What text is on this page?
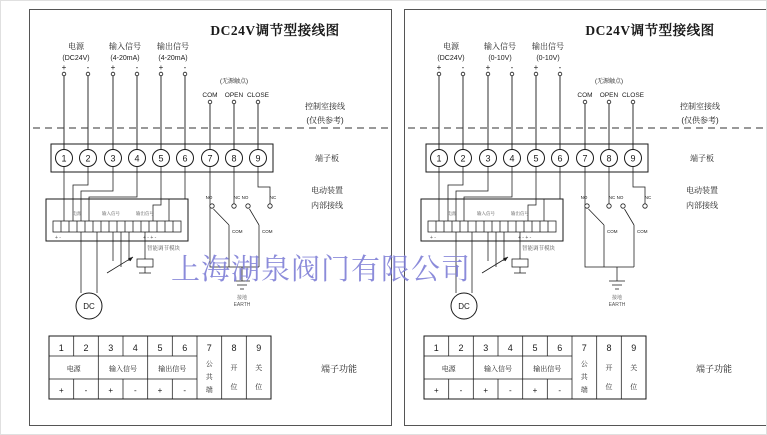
DC24V调节型接线图
电源
(DC24V)
输入信号
(4-20mA)
输出信号
(4-20mA)
+	-	+	-	+	-
(无源触点)
COM OPEN CLOSE
控制室接线
(仅供参考)
1 2 3 4 5 6 7 8 9	端子板
电动装置
内部接线
电源	输入信号	输出信号
+ -	+ - + -
智能调节模块
DC
NO	NC NO	NC
COM	COM
接地
EARTH
1 2 3 4 5 6 7 8 9
电源	输入信号	输出信号
+	-	+	-	+	-
公
共
端
开
位
关
位
端子功能
DC24V调节型接线图
电源
(DC24V)
输入信号
(0-10V)
输出信号
(0-10V)
+	-	+	-	+	-
(无源触点)
COM OPEN CLOSE
控制室接线
(仅供参考)
1 2 3 4 5 6 7 8 9	端子板
电动装置
内部接线
电源	输入信号	输出信号
+ -	+ - + -
智能调节模块
DC
NO	NC NO	NC
COM	COM
接地
EARTH
1 2 3 4 5 6 7 8 9
电源	输入信号	输出信号
+	-	+	-	+	-
公
共
端
开
位
关
位
端子功能
上海湖泉阀门有限公司
